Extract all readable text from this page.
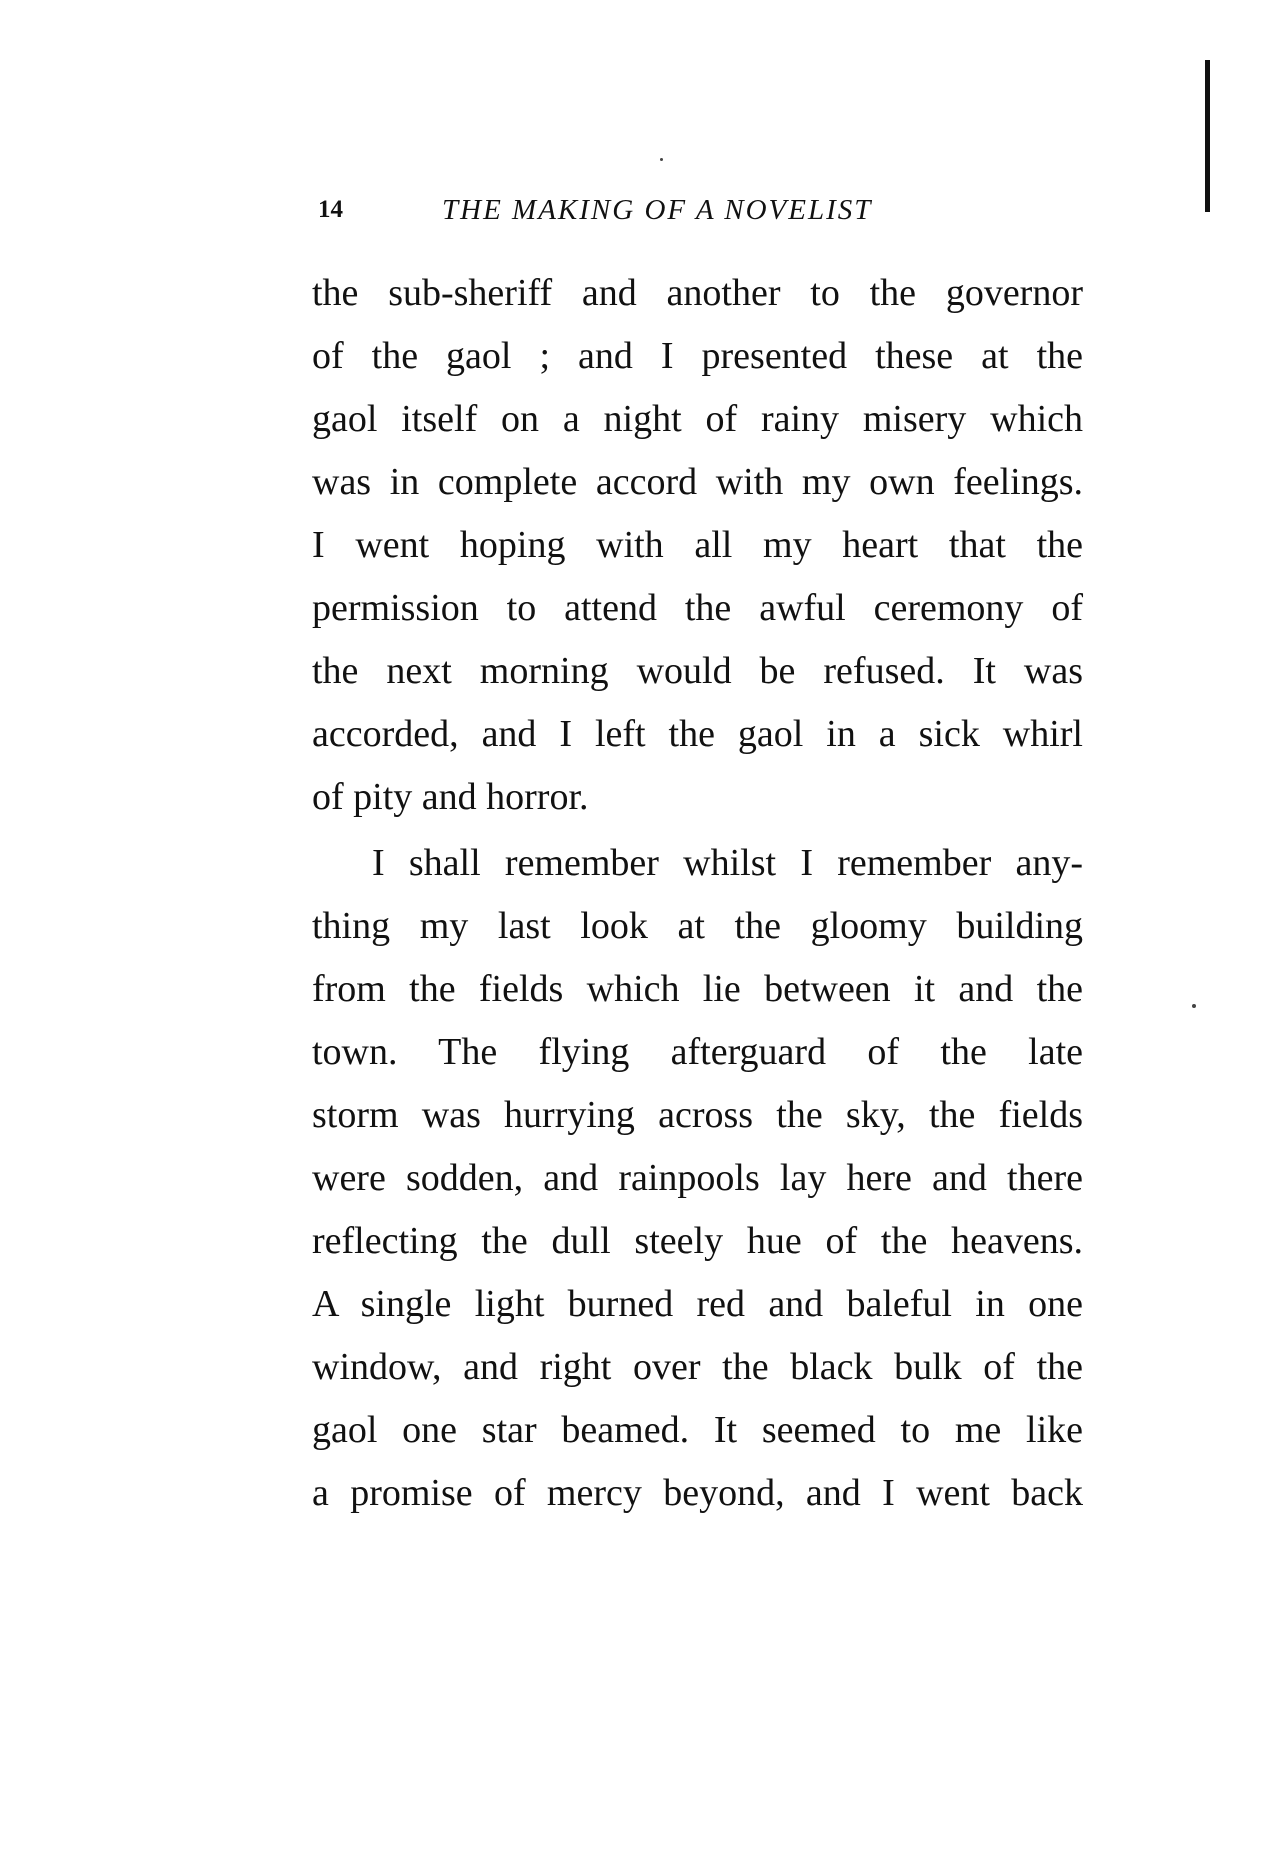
14	THE MAKING OF A NOVELIST
the sub-sheriff and another to the governor
of the gaol ; and I presented these at the
gaol itself on a night of rainy misery which
was in complete accord with my own feelings.
I went hoping with all my heart that the
permission to attend the awful ceremony of
the next morning would be refused. It was
accorded, and I left the gaol in a sick whirl
of pity and horror.
I shall remember whilst I remember any-
thing my last look at the gloomy building
from the fields which lie between it and the
town. The flying afterguard of the late
storm was hurrying across the sky, the fields
were sodden, and rainpools lay here and there
reflecting the dull steely hue of the heavens.
A single light burned red and baleful in one
window, and right over the black bulk of the
gaol one star beamed. It seemed to me like
a promise of mercy beyond, and I went back
